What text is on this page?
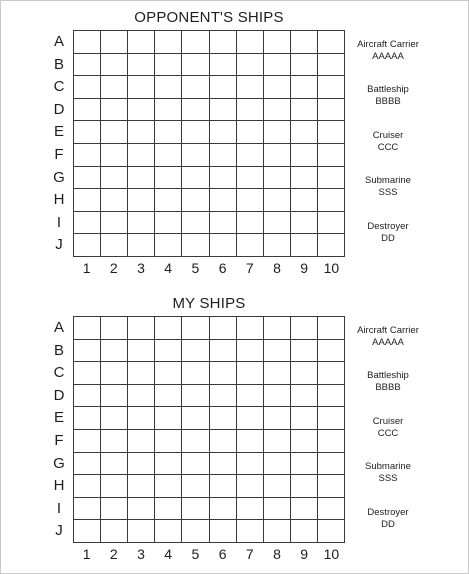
OPPONENT'S SHIPS
A
B
C
D
E
F
G
H
I
J
1	2	3	4	5	6	7	8	9	10
Aircraft Carrier
AAAAA
Battleship
BBBB
Cruiser
CCC
Submarine
SSS
Destroyer
DD
MY SHIPS
A
B
C
D
E
F
G
H
I
J
1	2	3	4	5	6	7	8	9	10
Aircraft Carrier
AAAAA
Battleship
BBBB
Cruiser
CCC
Submarine
SSS
Destroyer
DD
